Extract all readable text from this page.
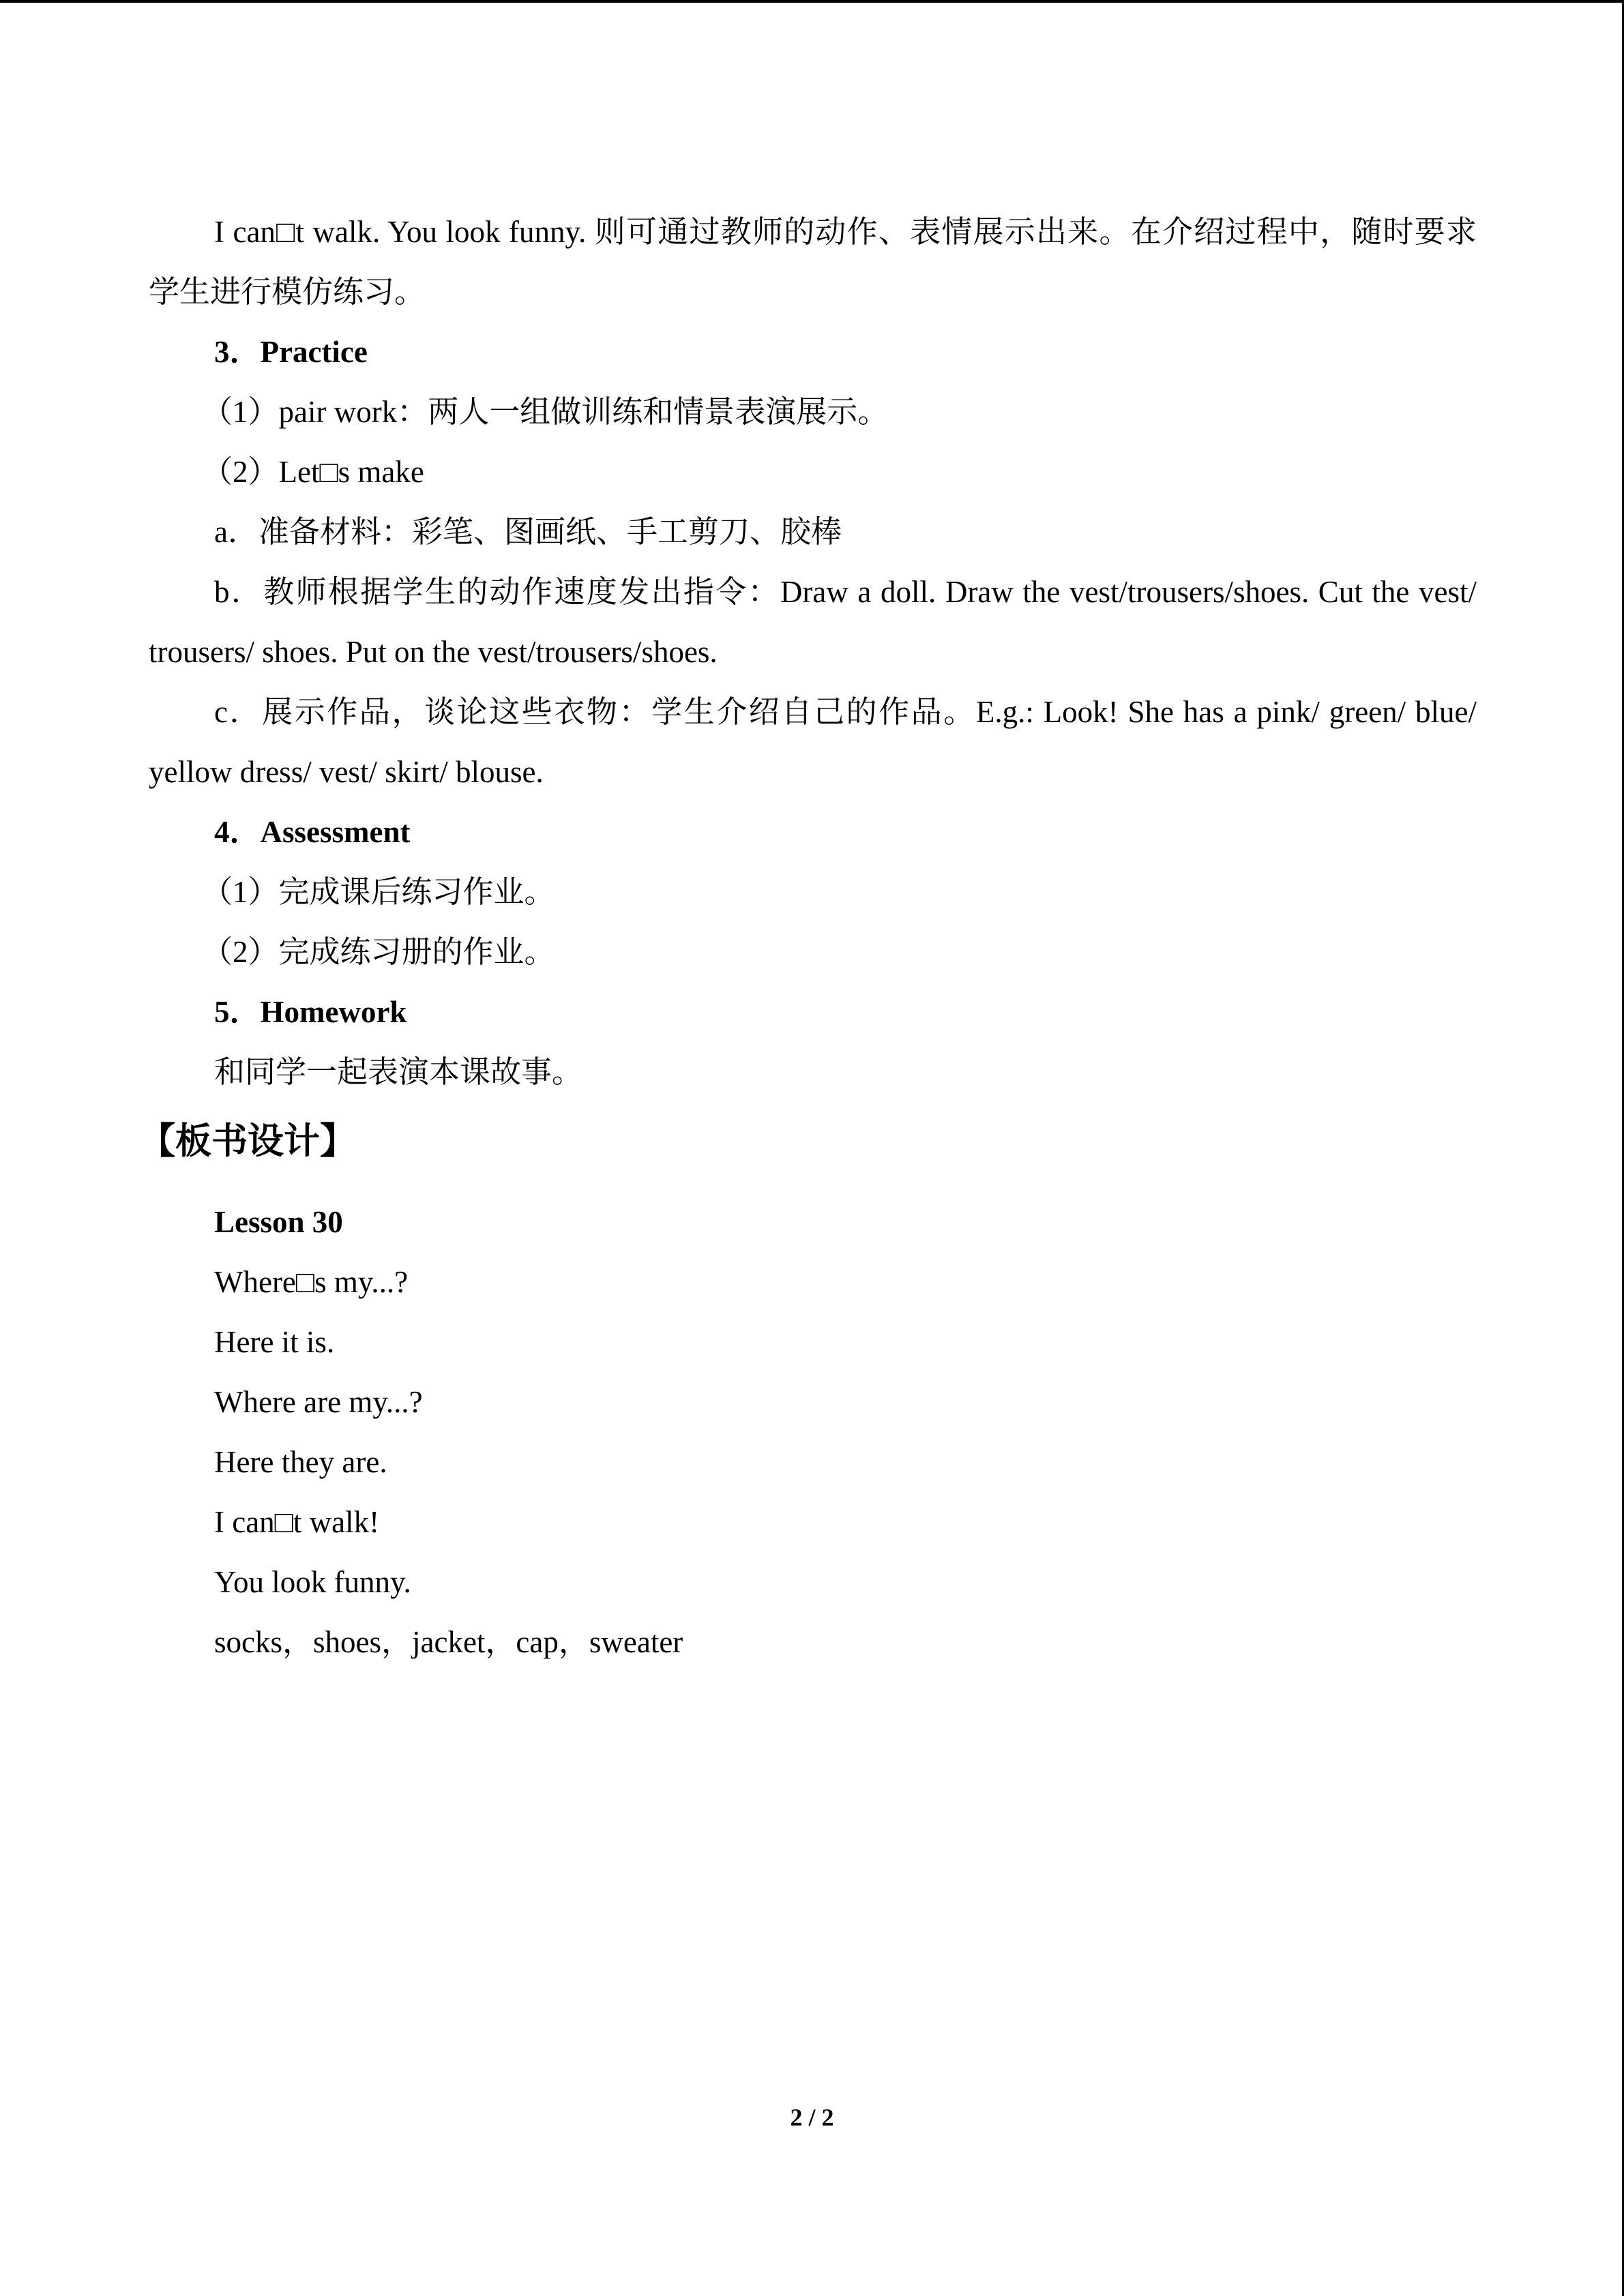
I can□t walk. You look funny. 则可通过教师的动作、表情展示出来。在介绍过程中，随时要求学生进行模仿练习。

3．Practice

（1）pair work：两人一组做训练和情景表演展示。

（2）Let□s make

a．准备材料：彩笔、图画纸、手工剪刀、胶棒

b．教师根据学生的动作速度发出指令：Draw a doll. Draw the vest/trousers/shoes. Cut the vest/ trousers/ shoes. Put on the vest/trousers/shoes.

c．展示作品，谈论这些衣物：学生介绍自己的作品。E.g.: Look! She has a pink/ green/ blue/ yellow dress/ vest/ skirt/ blouse.

4．Assessment

（1）完成课后练习作业。

（2）完成练习册的作业。

5．Homework

和同学一起表演本课故事。

【板书设计】

Lesson 30

Where□s my...?

Here it is.

Where are my...?

Here they are.

I can□t walk!

You look funny.

socks，shoes，jacket，cap，sweater

2 / 2
